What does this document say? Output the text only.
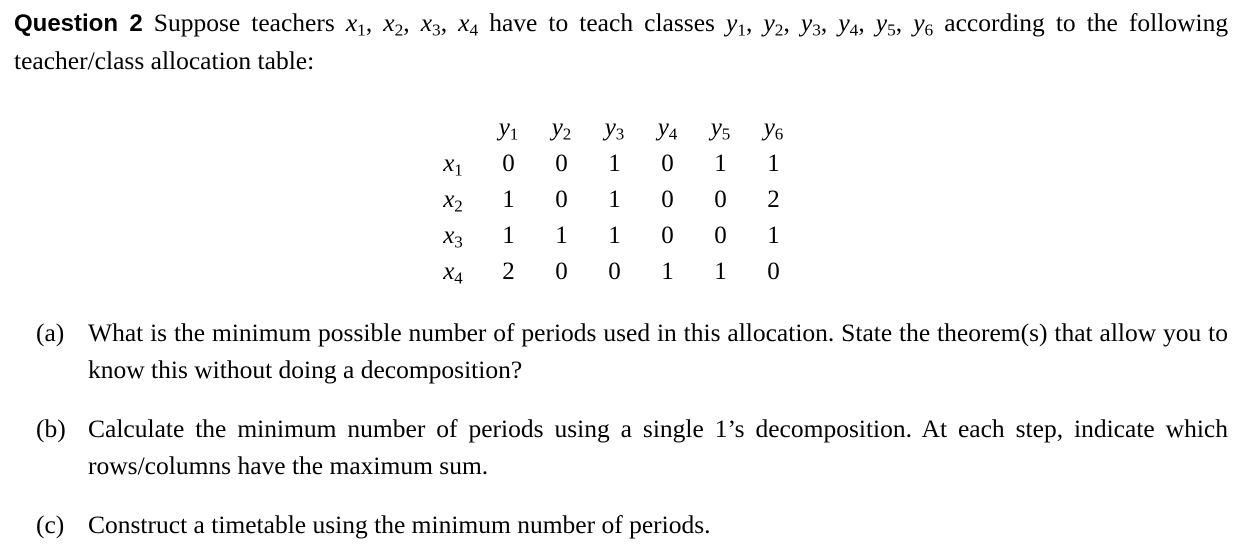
Question 2 Suppose teachers $x_1$, $x_2$, $x_3$, $x_4$ have to teach classes $y_1$, $y_2$, $y_3$, $y_4$, $y_5$, $y_6$ according to the following teacher/class allocation table:
	$y_1$	$y_2$	$y_3$	$y_4$	$y_5$	$y_6$
$x_1$	0	0	1	0	1	1
$x_2$	1	0	1	0	0	2
$x_3$	1	1	1	0	0	1
$x_4$	2	0	0	1	1	0
(a) What is the minimum possible number of periods used in this allocation. State the theorem(s) that allow you to know this without doing a decomposition?
(b) Calculate the minimum number of periods using a single 1’s decomposition. At each step, indicate which rows/columns have the maximum sum.
(c) Construct a timetable using the minimum number of periods.
